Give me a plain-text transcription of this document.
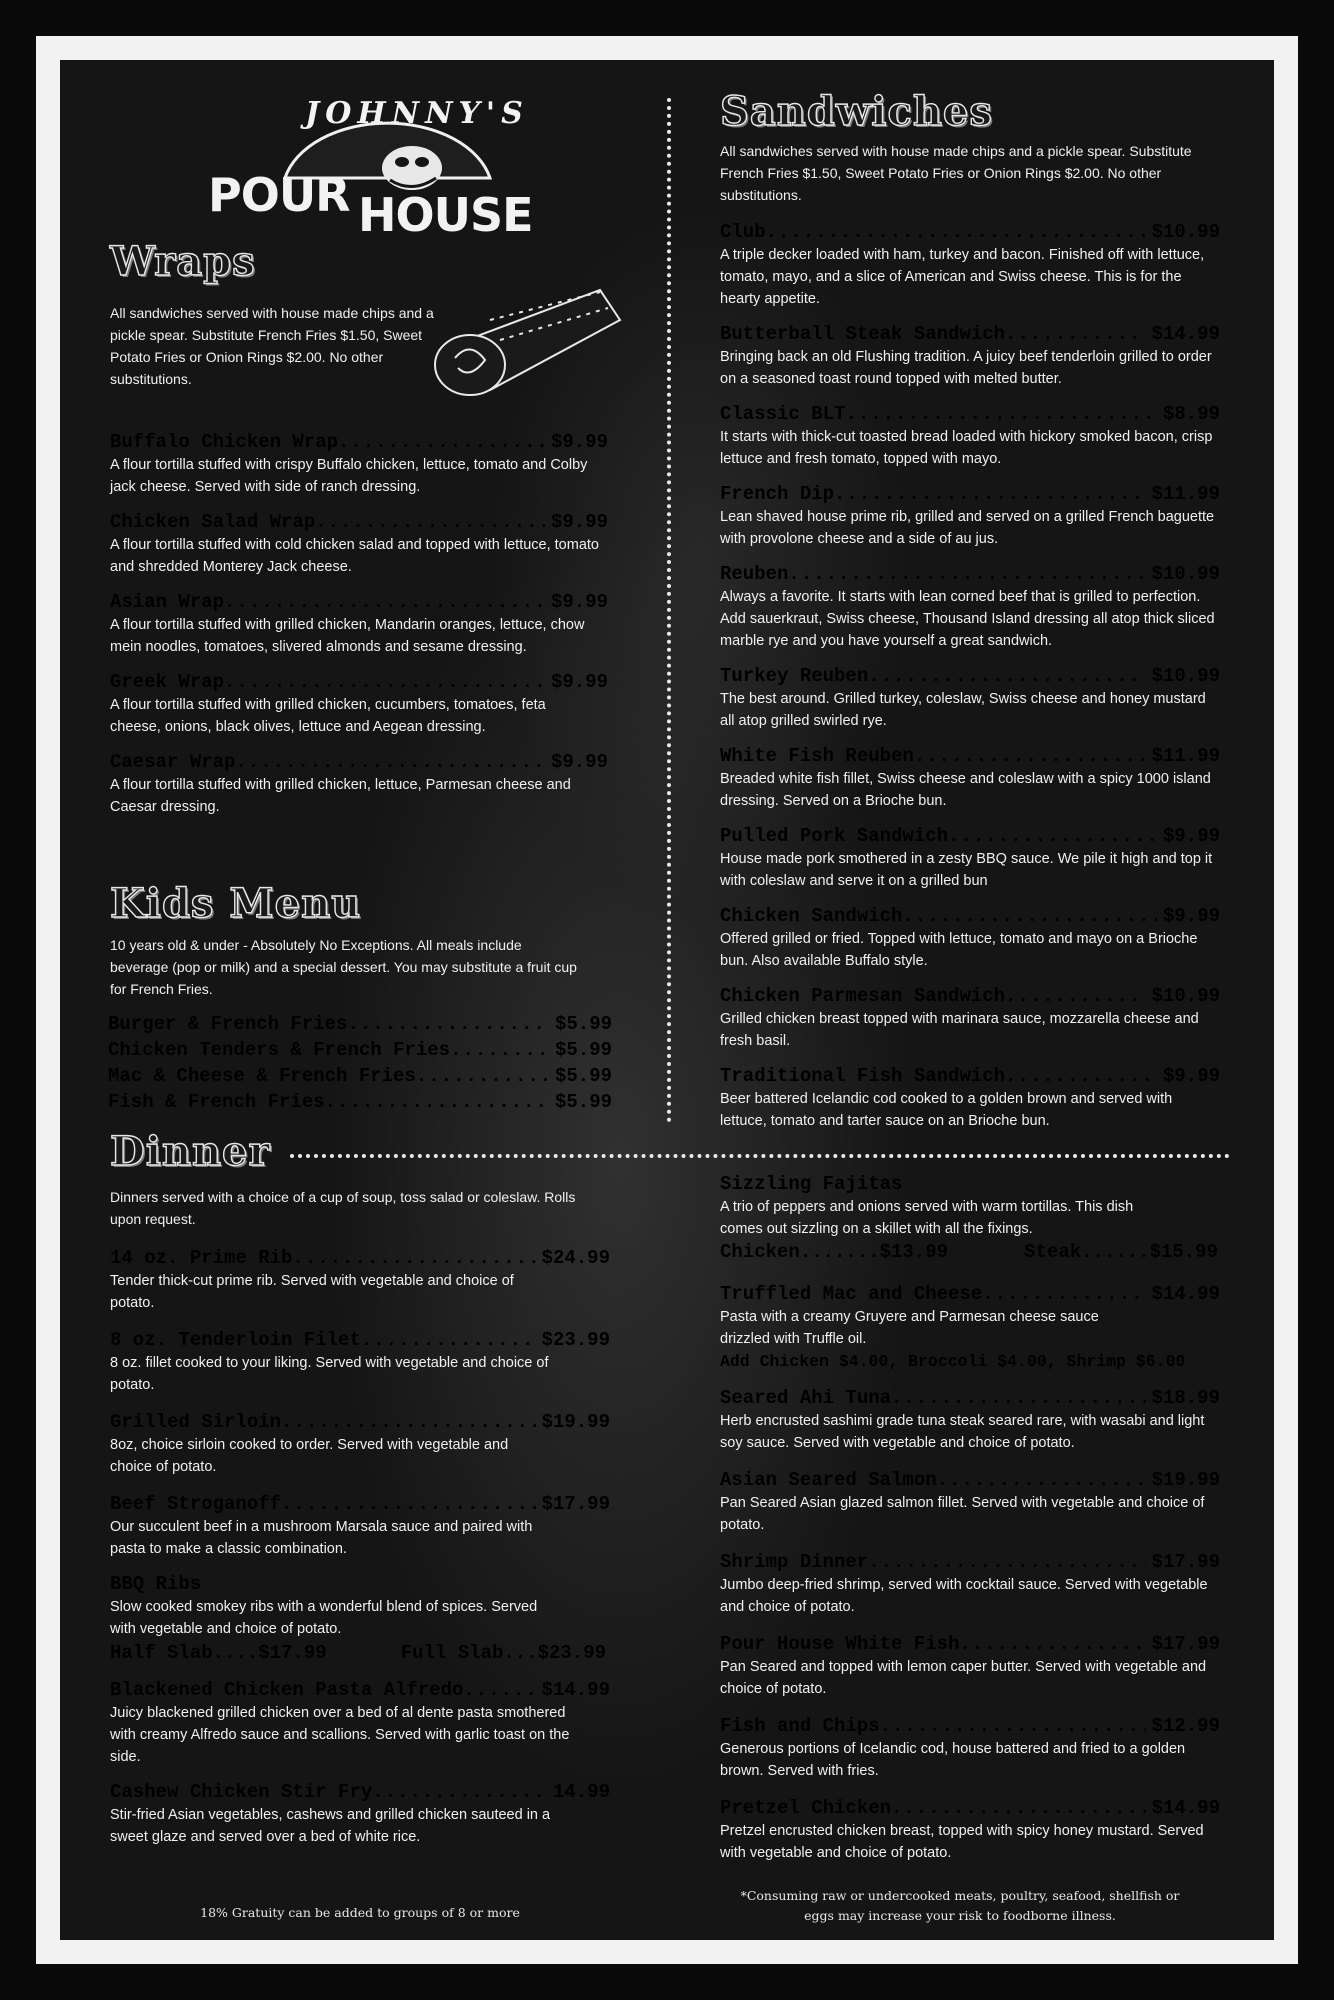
JOHNNY'S
POUR HOUSE
Wraps
All sandwiches served with house made chips and a pickle spear. Substitute French Fries $1.50, Sweet Potato Fries or Onion Rings $2.00. No other substitutions.
Buffalo Chicken Wrap .....	$9.99
A flour tortilla stuffed with crispy Buffalo chicken, lettuce, tomato and Colby jack cheese. Served with side of ranch dressing.
Chicken Salad Wrap .....	$9.99
A flour tortilla stuffed with cold chicken salad and topped with lettuce, tomato and shredded Monterey Jack cheese.
Asian Wrap .....	$9.99
A flour tortilla stuffed with grilled chicken, Mandarin oranges, lettuce, chow mein noodles, tomatoes, slivered almonds and sesame dressing.
Greek Wrap .....	$9.99
A flour tortilla stuffed with grilled chicken, cucumbers, tomatoes, feta cheese, onions, black olives, lettuce and Aegean dressing.
Caesar Wrap .....	$9.99
A flour tortilla stuffed with grilled chicken, lettuce, Parmesan cheese and Caesar dressing.
Kids Menu
10 years old & under - Absolutely No Exceptions. All meals include beverage (pop or milk) and a special dessert. You may substitute a fruit cup for French Fries.
Burger & French Fries .....	$5.99
Chicken Tenders & French Fries .....	$5.99
Mac & Cheese & French Fries .....	$5.99
Fish & French Fries .....	$5.99
Sandwiches
All sandwiches served with house made chips and a pickle spear. Substitute French Fries $1.50, Sweet Potato Fries or Onion Rings $2.00. No other substitutions.
Club .....	$10.99
A triple decker loaded with ham, turkey and bacon. Finished off with lettuce, tomato, mayo, and a slice of American and Swiss cheese. This is for the hearty appetite.
Butterball Steak Sandwich .....	$14.99
Bringing back an old Flushing tradition. A juicy beef tenderloin grilled to order on a seasoned toast round topped with melted butter.
Classic BLT .....	$8.99
It starts with thick-cut toasted bread loaded with hickory smoked bacon, crisp lettuce and fresh tomato, topped with mayo.
French Dip .....	$11.99
Lean shaved house prime rib, grilled and served on a grilled French baguette with provolone cheese and a side of au jus.
Reuben .....	$10.99
Always a favorite. It starts with lean corned beef that is grilled to perfection. Add sauerkraut, Swiss cheese, Thousand Island dressing all atop thick sliced marble rye and you have yourself a great sandwich.
Turkey Reuben .....	$10.99
The best around. Grilled turkey, coleslaw, Swiss cheese and honey mustard all atop grilled swirled rye.
White Fish Reuben .....	$11.99
Breaded white fish fillet, Swiss cheese and coleslaw with a spicy 1000 island dressing. Served on a Brioche bun.
Pulled Pork Sandwich .....	$9.99
House made pork smothered in a zesty BBQ sauce. We pile it high and top it with coleslaw and serve it on a grilled bun
Chicken Sandwich .....	$9.99
Offered grilled or fried. Topped with lettuce, tomato and mayo on a Brioche bun. Also available Buffalo style.
Chicken Parmesan Sandwich .....	$10.99
Grilled chicken breast topped with marinara sauce, mozzarella cheese and fresh basil.
Traditional Fish Sandwich .....	$9.99
Beer battered Icelandic cod cooked to a golden brown and served with lettuce, tomato and tarter sauce on an Brioche bun.
Dinner
Dinners served with a choice of a cup of soup, toss salad or coleslaw. Rolls upon request.
14 oz. Prime Rib .....	$24.99
Tender thick-cut prime rib. Served with vegetable and choice of potato.
8 oz. Tenderloin Filet .....	$23.99
8 oz. fillet cooked to your liking. Served with vegetable and choice of potato.
Grilled Sirloin .....	$19.99
8oz, choice sirloin cooked to order. Served with vegetable and choice of potato.
Beef Stroganoff .....	$17.99
Our succulent beef in a mushroom Marsala sauce and paired with pasta to make a classic combination.
BBQ Ribs
Slow cooked smokey ribs with a wonderful blend of spices. Served with vegetable and choice of potato.
Half Slab....$17.99	Full Slab...$23.99
Blackened Chicken Pasta Alfredo .....	$14.99
Juicy blackened grilled chicken over a bed of al dente pasta smothered with creamy Alfredo sauce and scallions. Served with garlic toast on the side.
Cashew Chicken Stir Fry .....	14.99
Stir-fried Asian vegetables, cashews and grilled chicken sauteed in a sweet glaze and served over a bed of white rice.
Sizzling Fajitas
A trio of peppers and onions served with warm tortillas. This dish comes out sizzling on a skillet with all the fixings.
Chicken.......$13.99	Steak......$15.99
Truffled Mac and Cheese .....	$14.99
Pasta with a creamy Gruyere and Parmesan cheese sauce drizzled with Truffle oil.
Add Chicken $4.00, Broccoli $4.00, Shrimp $6.00
Seared Ahi Tuna .....	$18.99
Herb encrusted sashimi grade tuna steak seared rare, with wasabi and light soy sauce. Served with vegetable and choice of potato.
Asian Seared Salmon .....	$19.99
Pan Seared Asian glazed salmon fillet. Served with vegetable and choice of potato.
Shrimp Dinner .....	$17.99
Jumbo deep-fried shrimp, served with cocktail sauce. Served with vegetable and choice of potato.
Pour House White Fish .....	$17.99
Pan Seared and topped with lemon caper butter. Served with vegetable and choice of potato.
Fish and Chips .....	$12.99
Generous portions of Icelandic cod, house battered and fried to a golden brown. Served with fries.
Pretzel Chicken .....	$14.99
Pretzel encrusted chicken breast, topped with spicy honey mustard. Served with vegetable and choice of potato.
18% Gratuity can be added to groups of 8 or more
*Consuming raw or undercooked meats, poultry, seafood, shellfish or eggs may increase your risk to foodborne illness.
